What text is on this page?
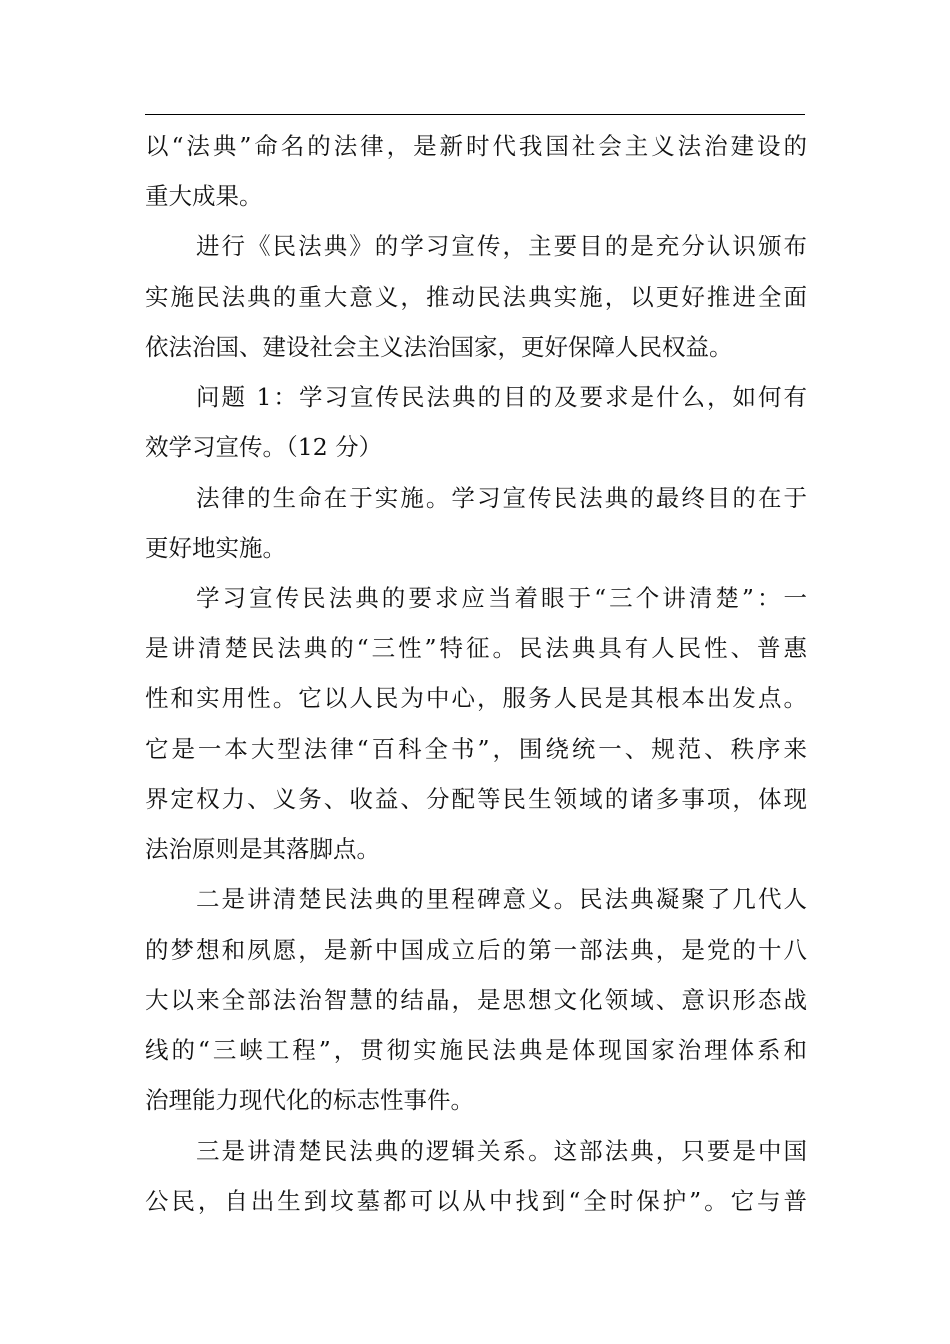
以“法典”命名的法律，是新时代我国社会主义法治建设的
重大成果。
进行《民法典》的学习宣传，主要目的是充分认识颁布
实施民法典的重大意义，推动民法典实施，以更好推进全面
依法治国、建设社会主义法治国家，更好保障人民权益。
问题 1：学习宣传民法典的目的及要求是什么，如何有
效学习宣传。（12 分）
法律的生命在于实施。学习宣传民法典的最终目的在于
更好地实施。
学习宣传民法典的要求应当着眼于“三个讲清楚”：一
是讲清楚民法典的“三性”特征。民法典具有人民性、普惠
性和实用性。它以人民为中心，服务人民是其根本出发点。
它是一本大型法律“百科全书”，围绕统一、规范、秩序来
界定权力、义务、收益、分配等民生领域的诸多事项，体现
法治原则是其落脚点。
二是讲清楚民法典的里程碑意义。民法典凝聚了几代人
的梦想和夙愿，是新中国成立后的第一部法典，是党的十八
大以来全部法治智慧的结晶，是思想文化领域、意识形态战
线的“三峡工程”，贯彻实施民法典是体现国家治理体系和
治理能力现代化的标志性事件。
三是讲清楚民法典的逻辑关系。这部法典，只要是中国
公民，自出生到坟墓都可以从中找到“全时保护”。它与普
